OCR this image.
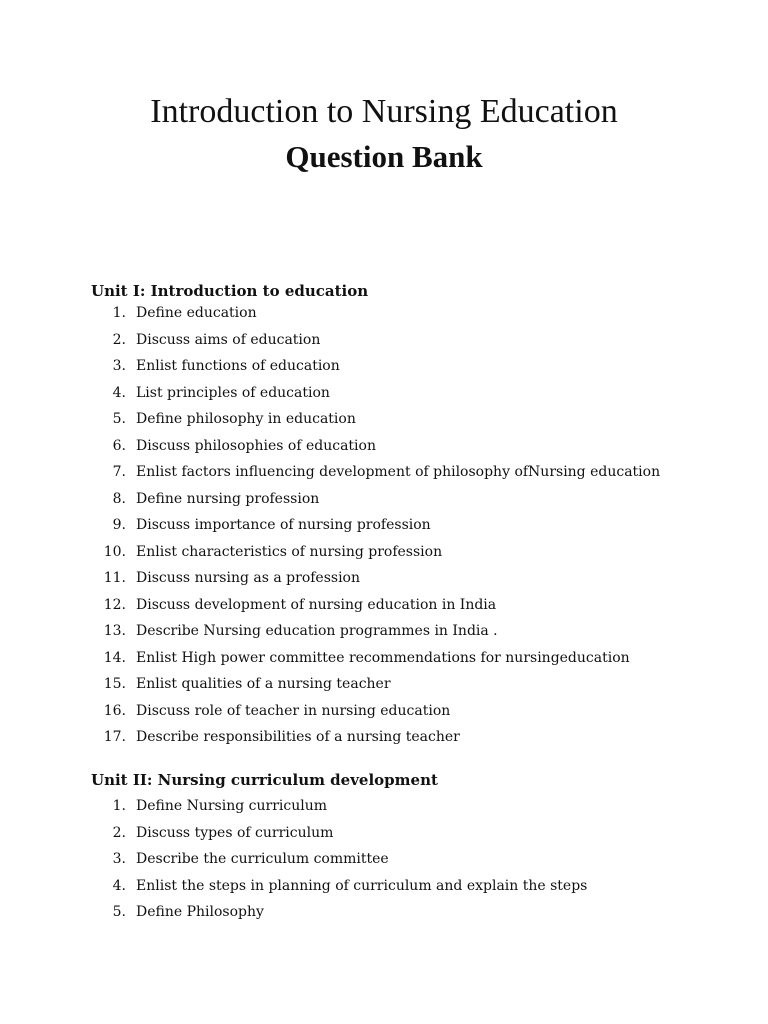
Introduction to Nursing Education
Question Bank
Unit I: Introduction to education
1. Define education
2. Discuss aims of education
3. Enlist functions of education
4. List principles of education
5. Define philosophy in education
6. Discuss philosophies of education
7. Enlist factors influencing development of philosophy ofNursing education
8. Define nursing profession
9. Discuss importance of nursing profession
10. Enlist characteristics of nursing profession
11. Discuss nursing as a profession
12. Discuss development of nursing education in India
13. Describe Nursing education programmes in India .
14. Enlist High power committee recommendations for nursingeducation
15. Enlist qualities of a nursing teacher
16. Discuss role of teacher in nursing education
17. Describe responsibilities of a nursing teacher
Unit II: Nursing curriculum development
1. Define Nursing curriculum
2. Discuss types of curriculum
3. Describe the curriculum committee
4. Enlist the steps in planning of curriculum and explain the steps
5. Define Philosophy
